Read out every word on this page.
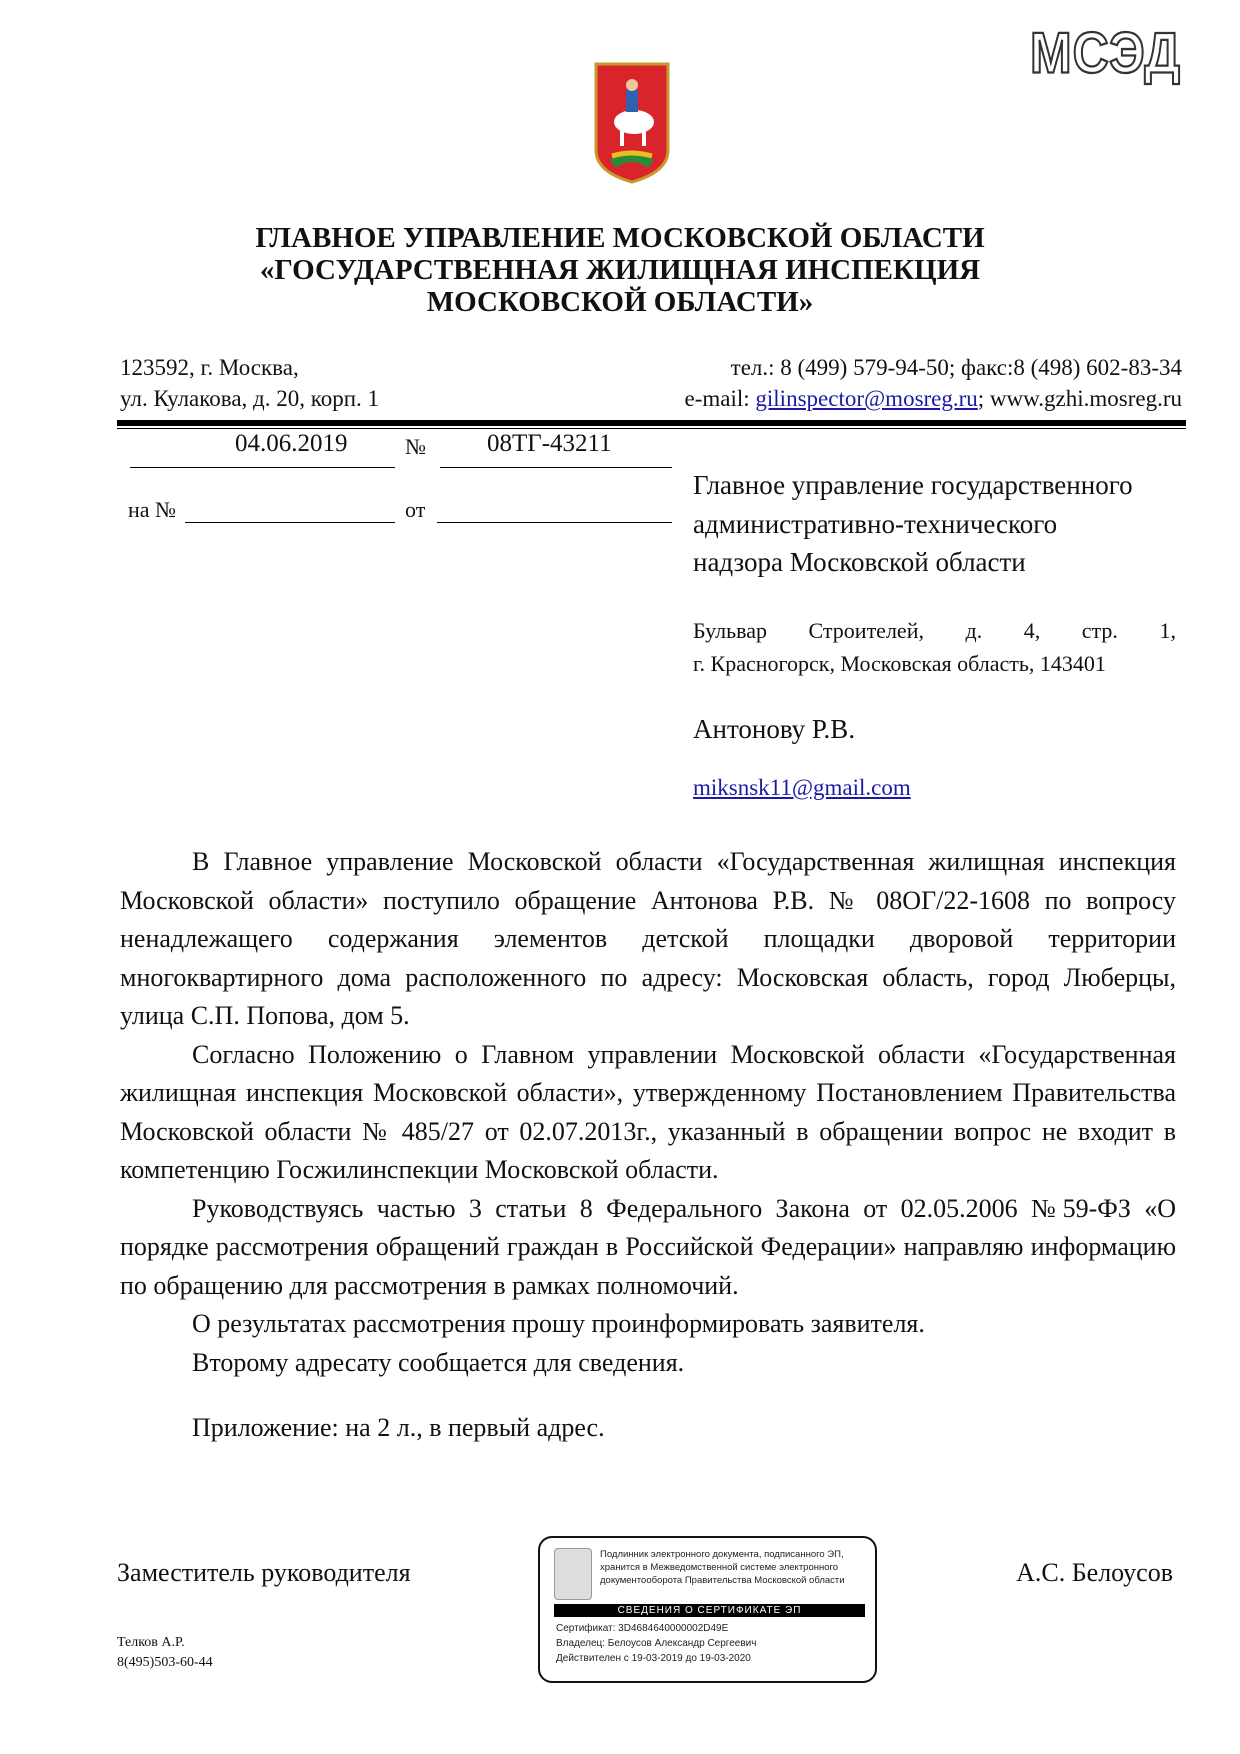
МСЭД
ГЛАВНОЕ УПРАВЛЕНИЕ МОСКОВСКОЙ ОБЛАСТИ
«ГОСУДАРСТВЕННАЯ ЖИЛИЩНАЯ ИНСПЕКЦИЯ
МОСКОВСКОЙ ОБЛАСТИ»
123592, г. Москва,
ул. Кулакова, д. 20, корп. 1
тел.: 8 (499) 579-94-50; факс:8 (498) 602-83-34
e-mail: gilinspector@mosreg.ru; www.gzhi.mosreg.ru
04.06.2019	№ 08ТГ-43211
на №	от
Главное управление государственного
административно-технического
надзора Московской области
Бульвар Строителей, д. 4, стр. 1,
г. Красногорск, Московская область, 143401
Антонову Р.В.
miksnsk11@gmail.com

В Главное управление Московской области «Государственная жилищная инспекция Московской области» поступило обращение Антонова Р.В. № 08ОГ/22-1608 по вопросу ненадлежащего содержания элементов детской площадки дворовой территории многоквартирного дома расположенного по адресу: Московская область, город Люберцы, улица С.П. Попова, дом 5.

Согласно Положению о Главном управлении Московской области «Государственная жилищная инспекция Московской области», утвержденному Постановлением Правительства Московской области № 485/27 от 02.07.2013г., указанный в обращении вопрос не входит в компетенцию Госжилинспекции Московской области.

Руководствуясь частью 3 статьи 8 Федерального Закона от 02.05.2006 №59-ФЗ «О порядке рассмотрения обращений граждан в Российской Федерации» направляю информацию по обращению для рассмотрения в рамках полномочий.

О результатах рассмотрения прошу проинформировать заявителя.

Второму адресату сообщается для сведения.

Приложение: на 2 л., в первый адрес.

Заместитель руководителя	А.С. Белоусов
Подлинник электронного документа, подписанного ЭП, хранится в Межведомственной системе электронного документооборота Правительства Московской области
СВЕДЕНИЯ О СЕРТИФИКАТЕ ЭП
Сертификат: 3D4684640000002D49E
Владелец: Белоусов Александр Сергеевич
Действителен с 19-03-2019 до 19-03-2020
Телков А.Р.
8(495)503-60-44
